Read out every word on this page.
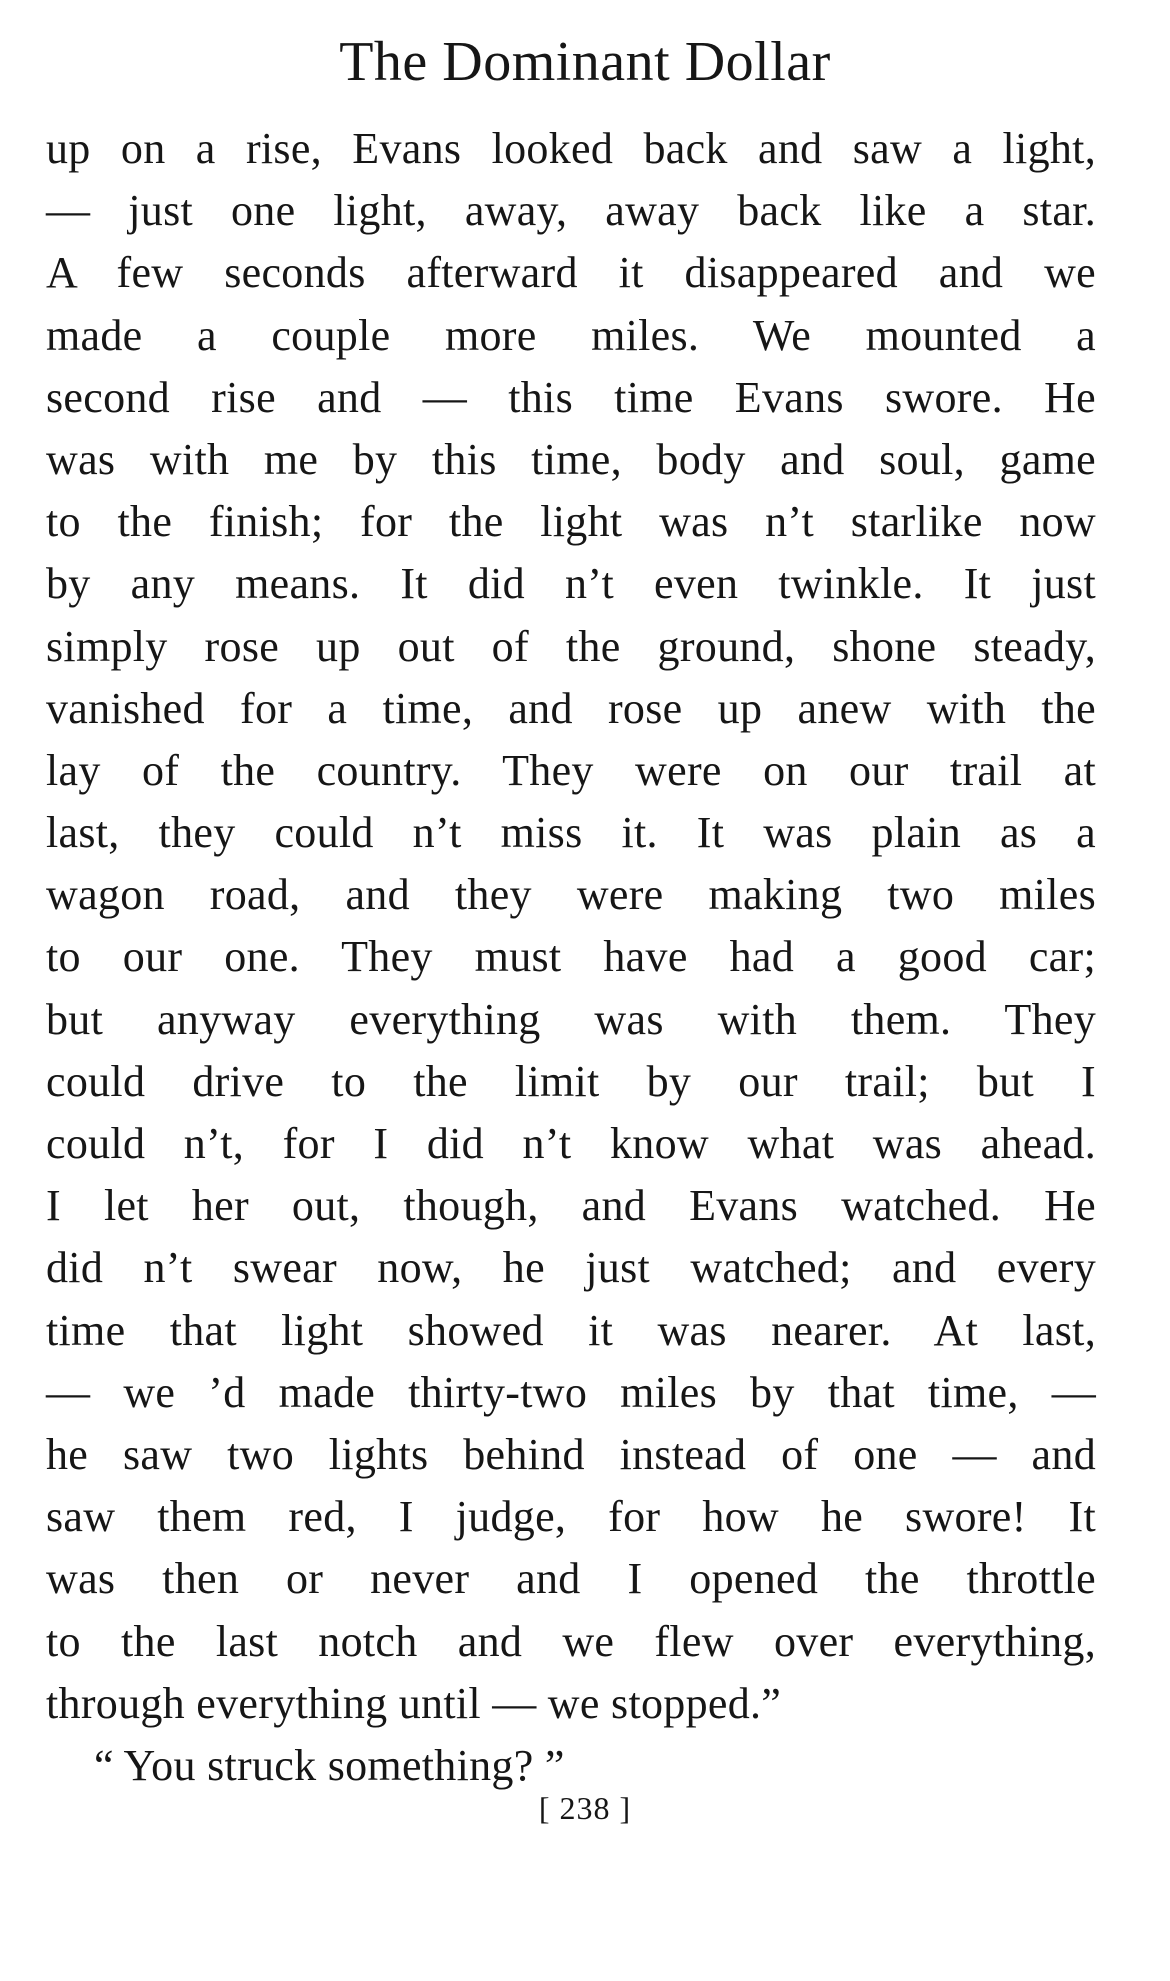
The Dominant Dollar
up on a rise, Evans looked back and saw a light,
— just one light, away, away back like a star.
A few seconds afterward it disappeared and we
made a couple more miles. We mounted a
second rise and — this time Evans swore. He
was with me by this time, body and soul, game
to the finish; for the light was n’t starlike now
by any means. It did n’t even twinkle. It just
simply rose up out of the ground, shone steady,
vanished for a time, and rose up anew with the
lay of the country. They were on our trail at
last, they could n’t miss it. It was plain as a
wagon road, and they were making two miles
to our one. They must have had a good car;
but anyway everything was with them. They
could drive to the limit by our trail; but I
could n’t, for I did n’t know what was ahead.
I let her out, though, and Evans watched. He
did n’t swear now, he just watched; and every
time that light showed it was nearer. At last,
— we ’d made thirty-two miles by that time, —
he saw two lights behind instead of one — and
saw them red, I judge, for how he swore! It
was then or never and I opened the throttle
to the last notch and we flew over everything,
through everything until — we stopped.”
“ You struck something? ”
[ 238 ]
